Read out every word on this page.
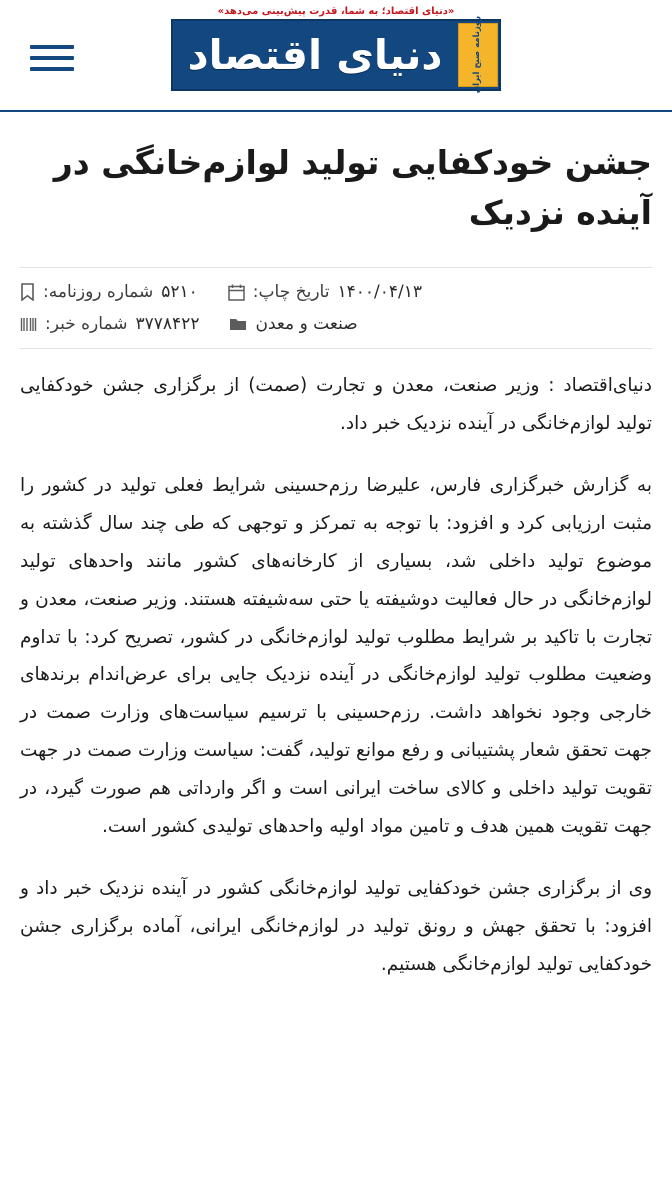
«دنیای اقتصاد؛ به شما، قدرت پیش‌بینی می‌دهد»
دنیای اقتصاد	روزنامه صبح ایران
جشن خودکفایی تولید لوازم‌خانگی در آینده نزدیک
شماره روزنامه: ۵۲۱۰	تاریخ چاپ: ۱۴۰۰/۰۴/۱۳
شماره خبر: ۳۷۷۸۴۲۲	صنعت و معدن

دنیای‌اقتصاد : وزیر صنعت، معدن و تجارت (صمت) از برگزاری جشن خودکفایی تولید لوازم‌خانگی در آینده نزدیک خبر داد.

به گزارش خبرگزاری فارس، علیرضا رزم‌حسینی شرایط فعلی تولید در کشور را مثبت ارزیابی کرد و افزود: با توجه به تمرکز و توجهی که طی چند سال گذشته به موضوع تولید داخلی شد، بسیاری از کارخانه‌های کشور مانند واحدهای تولید لوازم‌خانگی در حال فعالیت دوشیفته یا حتی سه‌شیفته هستند. وزیر صنعت، معدن و تجارت با تاکید بر شرایط مطلوب تولید لوازم‌خانگی در کشور، تصریح کرد: با تداوم وضعیت مطلوب تولید لوازم‌خانگی در آینده نزدیک جایی برای عرض‌اندام برندهای خارجی وجود نخواهد داشت. رزم‌حسینی با ترسیم سیاست‌های وزارت صمت در جهت تحقق شعار پشتیبانی و رفع موانع تولید، گفت: سیاست وزارت صمت در جهت تقویت تولید داخلی و کالای ساخت ایرانی است و اگر وارداتی هم صورت گیرد، در جهت تقویت همین هدف و تامین مواد اولیه واحدهای تولیدی کشور است.

وی از برگزاری جشن خودکفایی تولید لوازم‌خانگی کشور در آینده نزدیک خبر داد و افزود: با تحقق جهش و رونق تولید در لوازم‌خانگی ایرانی، آماده برگزاری جشن خودکفایی تولید لوازم‌خانگی هستیم.
